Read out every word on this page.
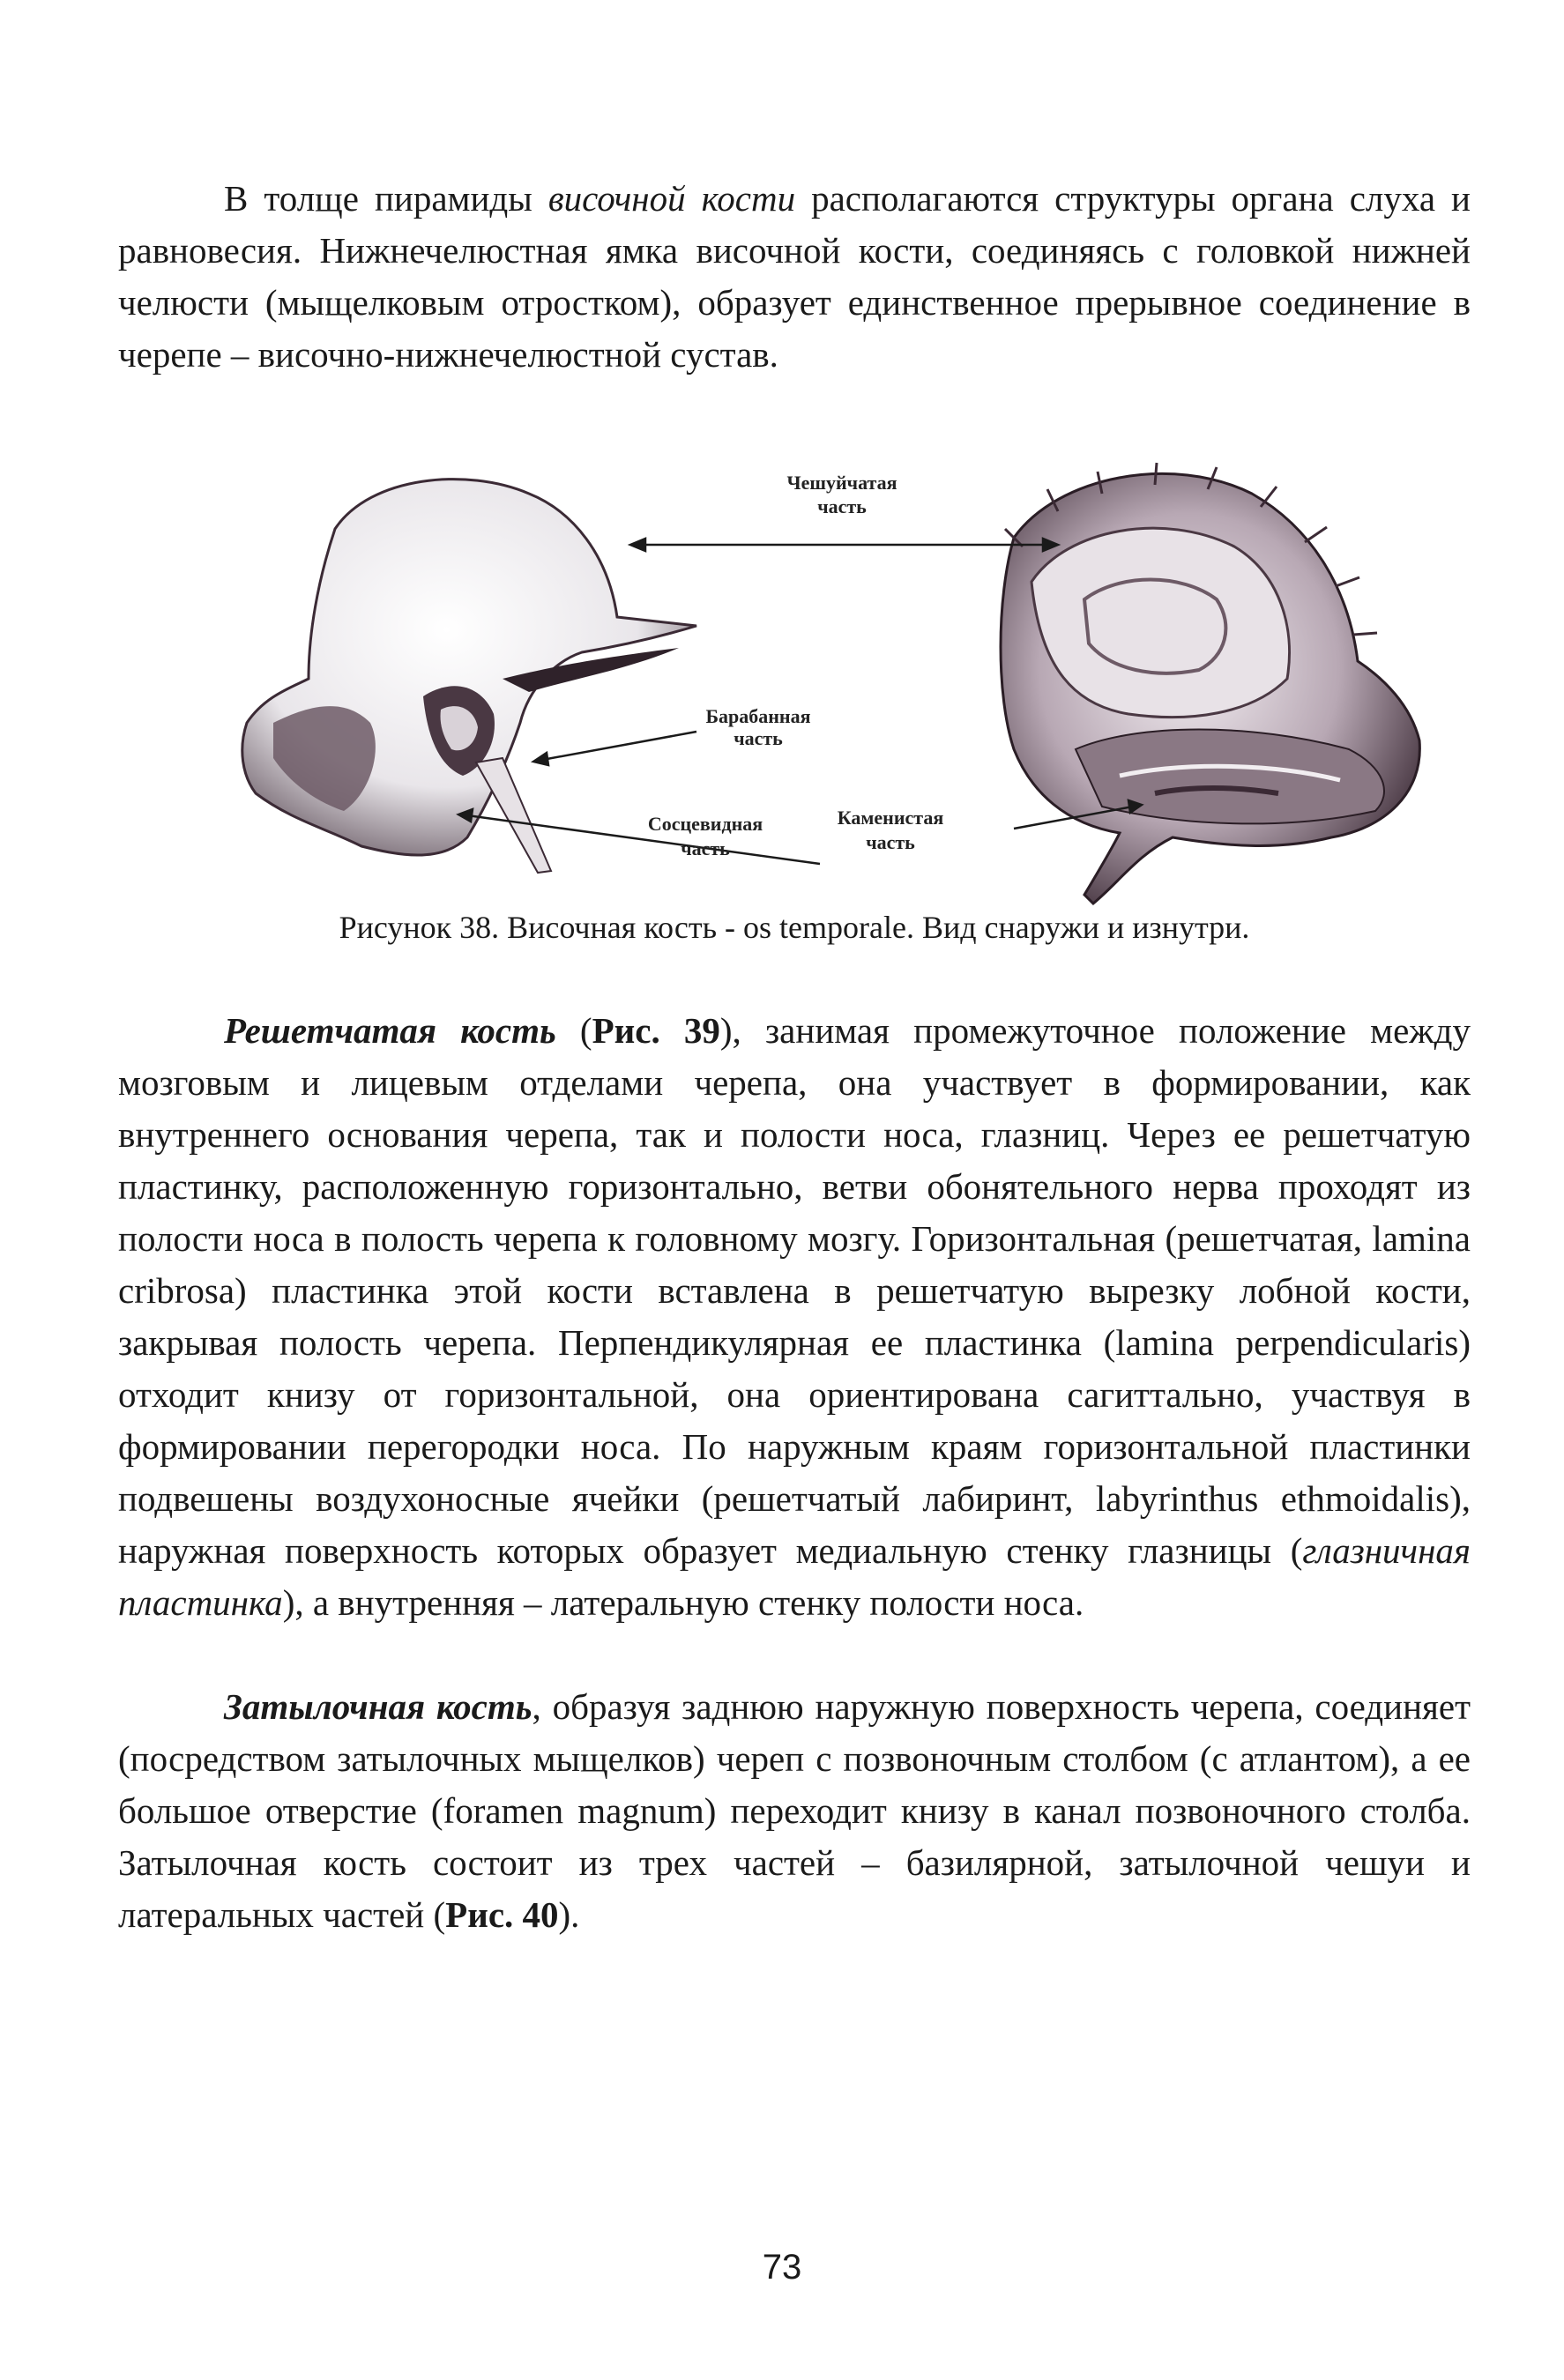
В толще пирамиды височной кости располагаются структуры органа слуха и равновесия. Нижнечелюстная ямка височной кости, соединяясь с головкой нижней челюсти (мыщелковым отростком), образует единственное прерывное соединение в черепе – височно-нижнечелюстной сустав.

Чешуйчатая
часть
Барабанная
часть
Сосцевидная
часть
Каменистая
часть
Рисунок 38. Височная кость - os temporale. Вид снаружи и изнутри.

Решетчатая кость (Рис. 39), занимая промежуточное положение между мозговым и лицевым отделами черепа, она участвует в формировании, как внутреннего основания черепа, так и полости носа, глазниц. Через ее решетчатую пластинку, расположенную горизонтально, ветви обонятельного нерва проходят из полости носа в полость черепа к головному мозгу. Горизонтальная (решетчатая, lamina cribrosa) пластинка этой кости вставлена в решетчатую вырезку лобной кости, закрывая полость черепа. Перпендикулярная ее пластинка (lamina perpendicularis) отходит книзу от горизонтальной, она ориентирована сагиттально, участвуя в формировании перегородки носа. По наружным краям горизонтальной пластинки подвешены воздухоносные ячейки (решетчатый лабиринт, labyrinthus ethmoidalis), наружная поверхность которых образует медиальную стенку глазницы (глазничная пластинка), а внутренняя – латеральную стенку полости носа.

Затылочная кость, образуя заднюю наружную поверхность черепа, соединяет (посредством затылочных мыщелков) череп с позвоночным столбом (с атлантом), а ее большое отверстие (foramen magnum) переходит книзу в канал позвоночного столба. Затылочная кость состоит из трех частей – базилярной, затылочной чешуи и латеральных частей (Рис. 40).

73
